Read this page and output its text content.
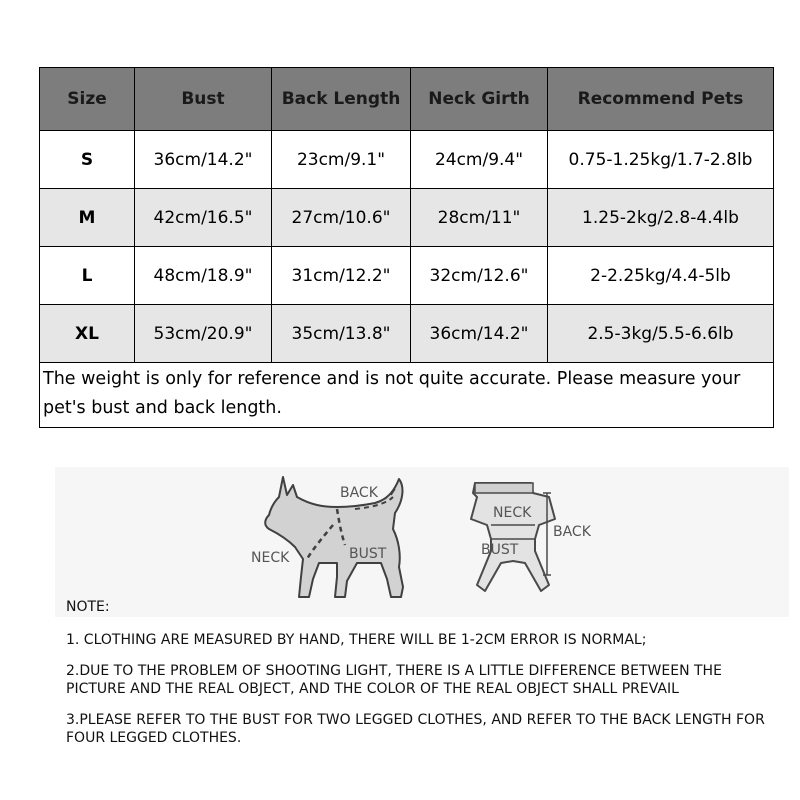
Size	Bust	Back Length	Neck Girth	Recommend Pets
S	36cm/14.2"	23cm/9.1"	24cm/9.4"	0.75-1.25kg/1.7-2.8lb
M	42cm/16.5"	27cm/10.6"	28cm/11"	1.25-2kg/2.8-4.4lb
L	48cm/18.9"	31cm/12.2"	32cm/12.6"	2-2.25kg/4.4-5lb
XL	53cm/20.9"	35cm/13.8"	36cm/14.2"	2.5-3kg/5.5-6.6lb
The weight is only for reference and is not quite accurate. Please measure your pet's bust and back length.				
BACK
NECK	BUST
NECK
BUST
BACK

NOTE:

1. CLOTHING ARE MEASURED BY HAND, THERE WILL BE 1-2CM ERROR IS NORMAL;

2.DUE TO THE PROBLEM OF SHOOTING LIGHT, THERE IS A LITTLE DIFFERENCE BETWEEN THE PICTURE AND THE REAL OBJECT, AND THE COLOR OF THE REAL OBJECT SHALL PREVAIL

3.PLEASE REFER TO THE BUST FOR TWO LEGGED CLOTHES, AND REFER TO THE BACK LENGTH FOR FOUR LEGGED CLOTHES.
